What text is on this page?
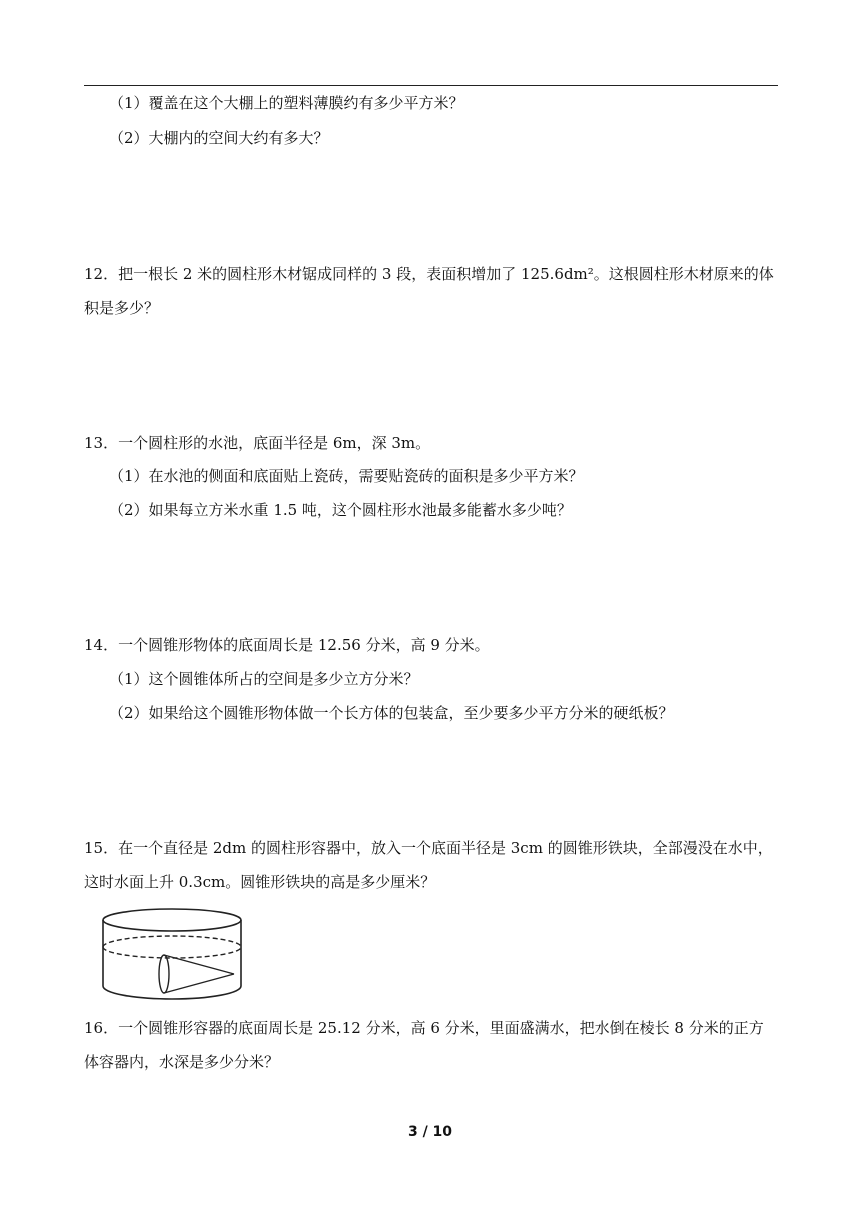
（1）覆盖在这个大棚上的塑料薄膜约有多少平方米？
（2）大棚内的空间大约有多大？
12．把一根长 2 米的圆柱形木材锯成同样的 3 段，表面积增加了 125.6dm²。这根圆柱形木材原来的体
积是多少？
13．一个圆柱形的水池，底面半径是 6m，深 3m。
（1）在水池的侧面和底面贴上瓷砖，需要贴瓷砖的面积是多少平方米？
（2）如果每立方米水重 1.5 吨，这个圆柱形水池最多能蓄水多少吨？
14．一个圆锥形物体的底面周长是 12.56 分米，高 9 分米。
（1）这个圆锥体所占的空间是多少立方分米？
（2）如果给这个圆锥形物体做一个长方体的包装盒，至少要多少平方分米的硬纸板？
15．在一个直径是 2dm 的圆柱形容器中，放入一个底面半径是 3cm 的圆锥形铁块，全部漫没在水中，
这时水面上升 0.3cm。圆锥形铁块的高是多少厘米？
16．一个圆锥形容器的底面周长是 25.12 分米，高 6 分米，里面盛满水，把水倒在棱长 8 分米的正方
体容器内，水深是多少分米？
3 / 10
